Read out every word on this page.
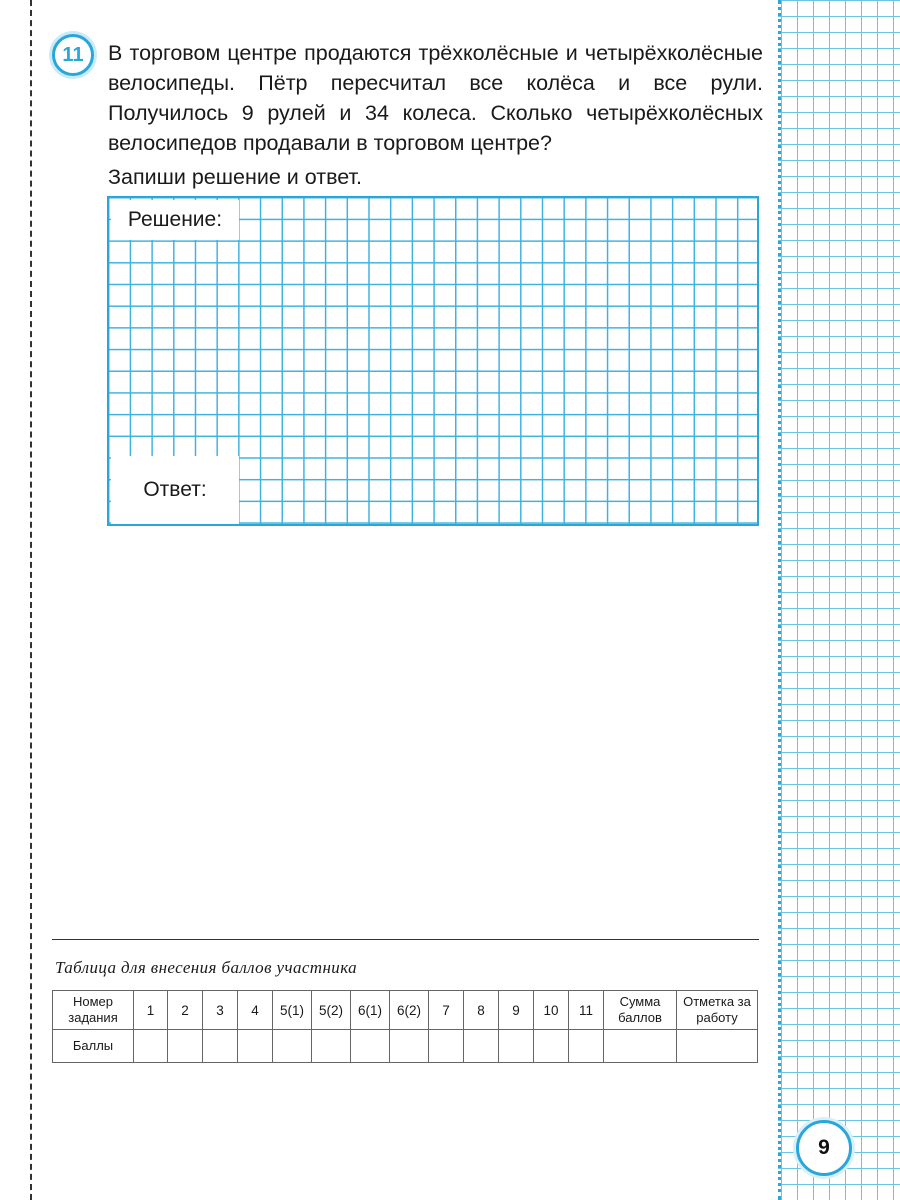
11 В торговом центре продаются трёхколёсные и четырёхколёсные велосипеды. Пётр пересчитал все колёса и все рули. Получилось 9 рулей и 34 колеса. Сколько четырёхколёсных велосипедов продавали в торговом центре?

Запиши решение и ответ.
Решение:
Ответ:
Таблица для внесения баллов участника
Номер задания	1	2	3	4	5(1)	5(2)	6(1)	6(2)	7	8	9	10	11	Сумма баллов	Отметка за работу
Баллы															
9
